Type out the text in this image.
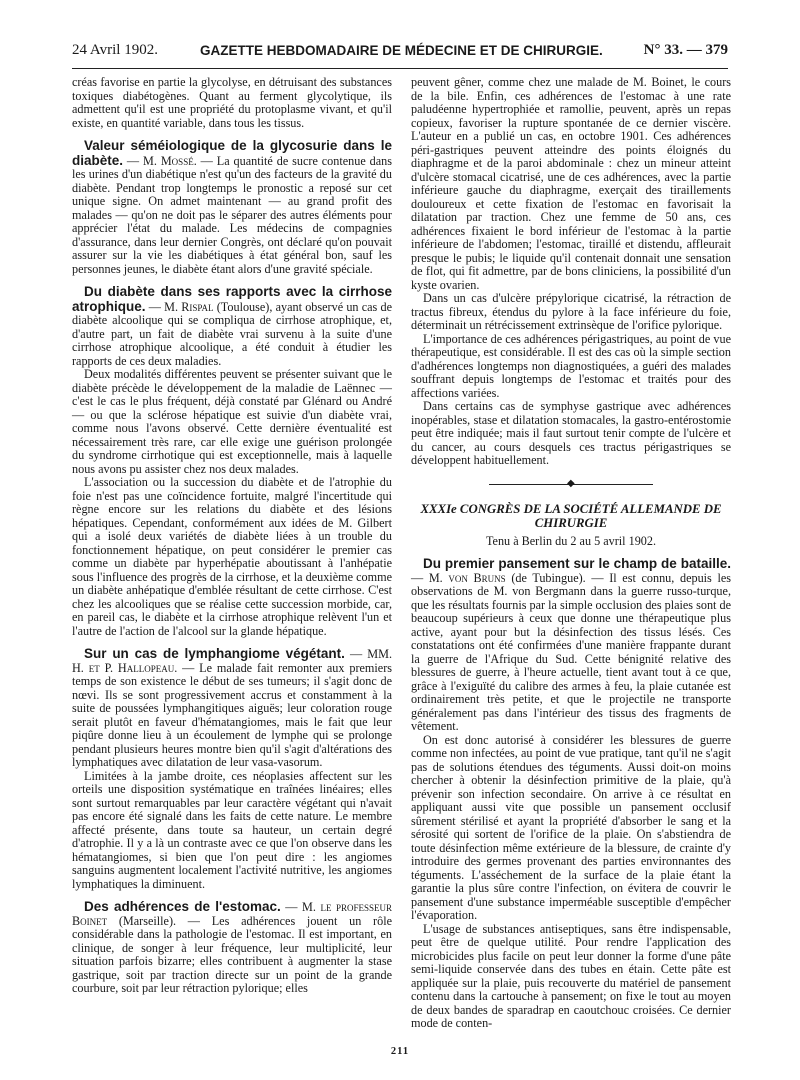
24 Avril 1902.	GAZETTE HEBDOMADAIRE DE MÉDECINE ET DE CHIRURGIE.	N° 33. — 379

créas favorise en partie la glycolyse, en détruisant des substances toxiques diabétogènes. Quant au ferment glycolytique, ils admettent qu'il est une propriété du protoplasme vivant, et qu'il existe, en quantité variable, dans tous les tissus.

Valeur séméiologique de la glycosurie dans le diabète. — M. Mossé. — La quantité de sucre contenue dans les urines d'un diabétique n'est qu'un des facteurs de la gravité du diabète. Pendant trop longtemps le pronostic a reposé sur cet unique signe. On admet maintenant — au grand profit des malades — qu'on ne doit pas le séparer des autres éléments pour apprécier l'état du malade. Les médecins de compagnies d'assurance, dans leur dernier Congrès, ont déclaré qu'on pouvait assurer sur la vie les diabétiques à état général bon, sauf les personnes jeunes, le diabète étant alors d'une gravité spéciale.

Du diabète dans ses rapports avec la cirrhose atrophique. — M. Rispal (Toulouse), ayant observé un cas de diabète alcoolique qui se compliqua de cirrhose atrophique, et, d'autre part, un fait de diabète vrai survenu à la suite d'une cirrhose atrophique alcoolique, a été conduit à étudier les rapports de ces deux maladies.

Deux modalités différentes peuvent se présenter suivant que le diabète précède le développement de la maladie de Laënnec — c'est le cas le plus fréquent, déjà constaté par Glénard ou André — ou que la sclérose hépatique est suivie d'un diabète vrai, comme nous l'avons observé. Cette dernière éventualité est nécessairement très rare, car elle exige une guérison prolongée du syndrome cirrhotique qui est exceptionnelle, mais à laquelle nous avons pu assister chez nos deux malades.

L'association ou la succession du diabète et de l'atrophie du foie n'est pas une coïncidence fortuite, malgré l'incertitude qui règne encore sur les relations du diabète et des lésions hépatiques. Cependant, conformément aux idées de M. Gilbert qui a isolé deux variétés de diabète liées à un trouble du fonctionnement hépatique, on peut considérer le premier cas comme un diabète par hyperhépatie aboutissant à l'anhépatie sous l'influence des progrès de la cirrhose, et la deuxième comme un diabète anhépatique d'emblée résultant de cette cirrhose. C'est chez les alcooliques que se réalise cette succession morbide, car, en pareil cas, le diabète et la cirrhose atrophique relèvent l'un et l'autre de l'action de l'alcool sur la glande hépatique.

Sur un cas de lymphangiome végétant. — MM. H. et P. Hallopeau. — Le malade fait remonter aux premiers temps de son existence le début de ses tumeurs; il s'agit donc de nœvi. Ils se sont progressivement accrus et constamment à la suite de poussées lymphangitiques aiguës; leur coloration rouge serait plutôt en faveur d'hématangiomes, mais le fait que leur piqûre donne lieu à un écoulement de lymphe qui se prolonge pendant plusieurs heures montre bien qu'il s'agit d'altérations des lymphatiques avec dilatation de leur vasa-vasorum.

Limitées à la jambe droite, ces néoplasies affectent sur les orteils une disposition systématique en traînées linéaires; elles sont surtout remarquables par leur caractère végétant qui n'avait pas encore été signalé dans les faits de cette nature. Le membre affecté présente, dans toute sa hauteur, un certain degré d'atrophie. Il y a là un contraste avec ce que l'on observe dans les hématangiomes, si bien que l'on peut dire : les angiomes sanguins augmentent localement l'activité nutritive, les angiomes lymphatiques la diminuent.

Des adhérences de l'estomac. — M. le professeur Boinet (Marseille). — Les adhérences jouent un rôle considérable dans la pathologie de l'estomac. Il est important, en clinique, de songer à leur fréquence, leur multiplicité, leur situation parfois bizarre; elles contribuent à augmenter la stase gastrique, soit par traction directe sur un point de la grande courbure, soit par leur rétraction pylorique; elles

peuvent gêner, comme chez une malade de M. Boinet, le cours de la bile. Enfin, ces adhérences de l'estomac à une rate paludéenne hypertrophiée et ramollie, peuvent, après un repas copieux, favoriser la rupture spontanée de ce dernier viscère. L'auteur en a publié un cas, en octobre 1901. Ces adhérences péri-gastriques peuvent atteindre des points éloignés du diaphragme et de la paroi abdominale : chez un mineur atteint d'ulcère stomacal cicatrisé, une de ces adhérences, avec la partie inférieure gauche du diaphragme, exerçait des tiraillements douloureux et cette fixation de l'estomac en favorisait la dilatation par traction. Chez une femme de 50 ans, ces adhérences fixaient le bord inférieur de l'estomac à la partie inférieure de l'abdomen; l'estomac, tiraillé et distendu, affleurait presque le pubis; le liquide qu'il contenait donnait une sensation de flot, qui fit admettre, par de bons cliniciens, la possibilité d'un kyste ovarien.

Dans un cas d'ulcère prépylorique cicatrisé, la rétraction de tractus fibreux, étendus du pylore à la face inférieure du foie, déterminait un rétrécissement extrinsèque de l'orifice pylorique.

L'importance de ces adhérences périgastriques, au point de vue thérapeutique, est considérable. Il est des cas où la simple section d'adhérences longtemps non diagnostiquées, a guéri des malades souffrant depuis longtemps de l'estomac et traités pour des affections variées.

Dans certains cas de symphyse gastrique avec adhérences inopérables, stase et dilatation stomacales, la gastro-entérostomie peut être indiquée; mais il faut surtout tenir compte de l'ulcère et du cancer, au cours desquels ces tractus périgastriques se développent habituellement.

◆

XXXIe CONGRÈS DE LA SOCIÉTÉ ALLEMANDE DE CHIRURGIE

Tenu à Berlin du 2 au 5 avril 1902.

Du premier pansement sur le champ de bataille. — M. von Bruns (de Tubingue). — Il est connu, depuis les observations de M. von Bergmann dans la guerre russo-turque, que les résultats fournis par la simple occlusion des plaies sont de beaucoup supérieurs à ceux que donne une thérapeutique plus active, ayant pour but la désinfection des tissus lésés. Ces constatations ont été confirmées d'une manière frappante durant la guerre de l'Afrique du Sud. Cette bénignité relative des blessures de guerre, à l'heure actuelle, tient avant tout à ce que, grâce à l'exiguïté du calibre des armes à feu, la plaie cutanée est ordinairement très petite, et que le projectile ne transporte généralement pas dans l'intérieur des tissus des fragments de vêtement.

On est donc autorisé à considérer les blessures de guerre comme non infectées, au point de vue pratique, tant qu'il ne s'agit pas de solutions étendues des téguments. Aussi doit-on moins chercher à obtenir la désinfection primitive de la plaie, qu'à prévenir son infection secondaire. On arrive à ce résultat en appliquant aussi vite que possible un pansement occlusif sûrement stérilisé et ayant la propriété d'absorber le sang et la sérosité qui sortent de l'orifice de la plaie. On s'abstiendra de toute désinfection même extérieure de la blessure, de crainte d'y introduire des germes provenant des parties environnantes des téguments. L'asséchement de la surface de la plaie étant la garantie la plus sûre contre l'infection, on évitera de couvrir le pansement d'une substance imperméable susceptible d'empêcher l'évaporation.

L'usage de substances antiseptiques, sans être indispensable, peut être de quelque utilité. Pour rendre l'application des microbicides plus facile on peut leur donner la forme d'une pâte semi-liquide conservée dans des tubes en étain. Cette pâte est appliquée sur la plaie, puis recouverte du matériel de pansement contenu dans la cartouche à pansement; on fixe le tout au moyen de deux bandes de sparadrap en caoutchouc croisées. Ce dernier mode de conten-

211
